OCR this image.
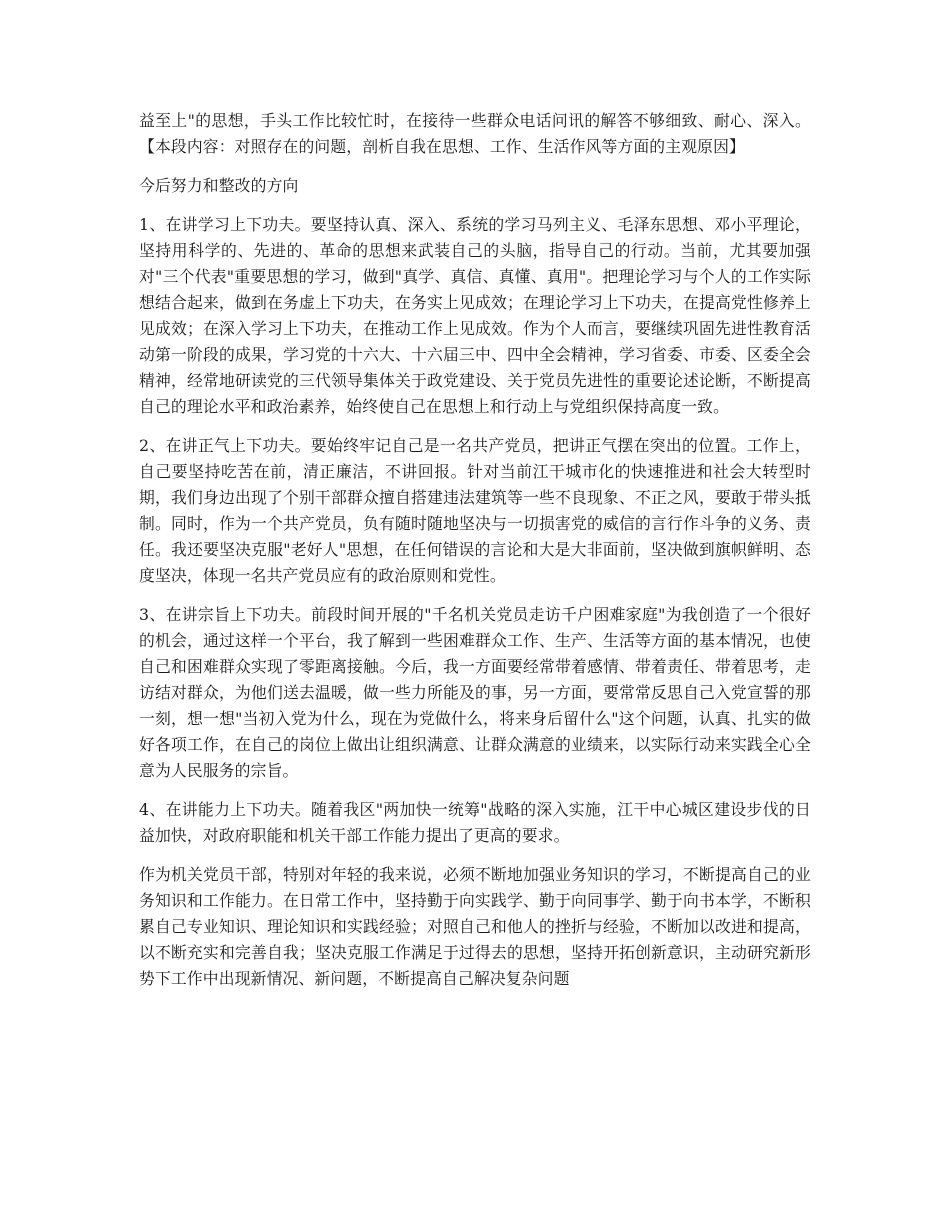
益至上"的思想，手头工作比较忙时，在接待一些群众电话问讯的解答不够细致、耐心、深入。【本段内容：对照存在的问题，剖析自我在思想、工作、生活作风等方面的主观原因】

今后努力和整改的方向

1、在讲学习上下功夫。要坚持认真、深入、系统的学习马列主义、毛泽东思想、邓小平理论，坚持用科学的、先进的、革命的思想来武装自己的头脑，指导自己的行动。当前，尤其要加强对"三个代表"重要思想的学习，做到"真学、真信、真懂、真用"。把理论学习与个人的工作实际想结合起来，做到在务虚上下功夫，在务实上见成效；在理论学习上下功夫，在提高党性修养上见成效；在深入学习上下功夫，在推动工作上见成效。作为个人而言，要继续巩固先进性教育活动第一阶段的成果，学习党的十六大、十六届三中、四中全会精神，学习省委、市委、区委全会精神，经常地研读党的三代领导集体关于政党建设、关于党员先进性的重要论述论断，不断提高自己的理论水平和政治素养，始终使自己在思想上和行动上与党组织保持高度一致。

2、在讲正气上下功夫。要始终牢记自己是一名共产党员，把讲正气摆在突出的位置。工作上，自己要坚持吃苦在前，清正廉洁，不讲回报。针对当前江干城市化的快速推进和社会大转型时期，我们身边出现了个别干部群众擅自搭建违法建筑等一些不良现象、不正之风，要敢于带头抵制。同时，作为一个共产党员，负有随时随地坚决与一切损害党的威信的言行作斗争的义务、责任。我还要坚决克服"老好人"思想，在任何错误的言论和大是大非面前，坚决做到旗帜鲜明、态度坚决，体现一名共产党员应有的政治原则和党性。

3、在讲宗旨上下功夫。前段时间开展的"千名机关党员走访千户困难家庭"为我创造了一个很好的机会，通过这样一个平台，我了解到一些困难群众工作、生产、生活等方面的基本情况，也使自己和困难群众实现了零距离接触。今后，我一方面要经常带着感情、带着责任、带着思考，走访结对群众，为他们送去温暖，做一些力所能及的事，另一方面，要常常反思自己入党宣誓的那一刻，想一想"当初入党为什么，现在为党做什么，将来身后留什么"这个问题，认真、扎实的做好各项工作，在自己的岗位上做出让组织满意、让群众满意的业绩来，以实际行动来实践全心全意为人民服务的宗旨。

4、在讲能力上下功夫。随着我区"两加快一统筹"战略的深入实施，江干中心城区建设步伐的日益加快，对政府职能和机关干部工作能力提出了更高的要求。

作为机关党员干部，特别对年轻的我来说，必须不断地加强业务知识的学习，不断提高自己的业务知识和工作能力。在日常工作中，坚持勤于向实践学、勤于向同事学、勤于向书本学，不断积累自己专业知识、理论知识和实践经验；对照自己和他人的挫折与经验，不断加以改进和提高，以不断充实和完善自我；坚决克服工作满足于过得去的思想，坚持开拓创新意识，主动研究新形势下工作中出现新情况、新问题，不断提高自己解决复杂问题
